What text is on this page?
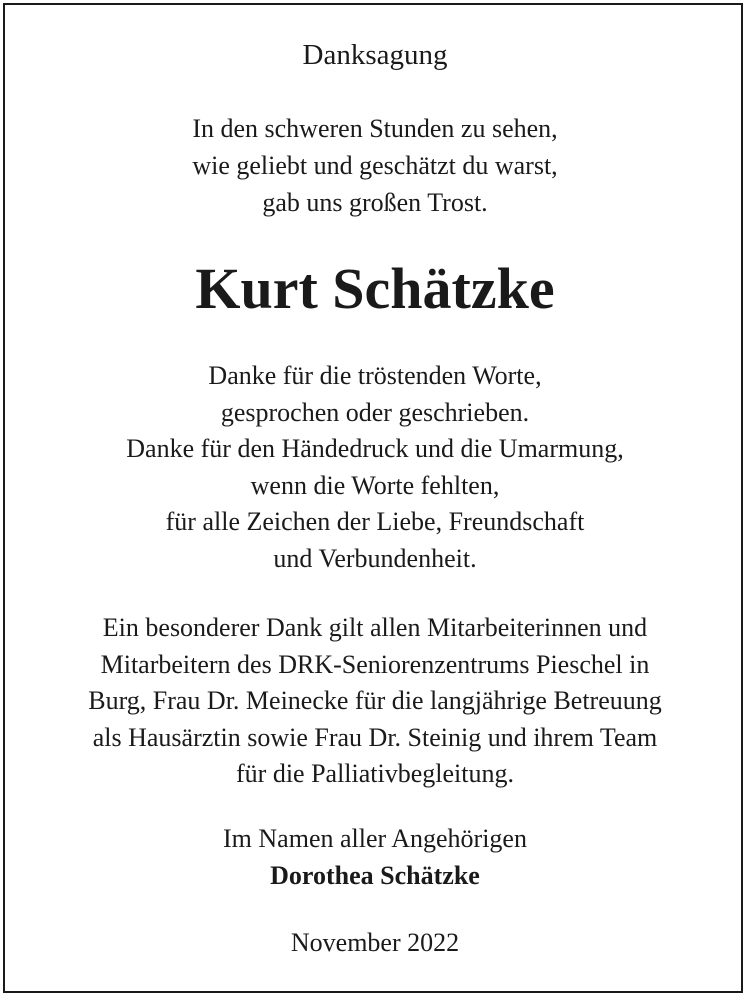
Danksagung
In den schweren Stunden zu sehen,
wie geliebt und geschätzt du warst,
gab uns großen Trost.
Kurt Schätzke
Danke für die tröstenden Worte,
gesprochen oder geschrieben.
Danke für den Händedruck und die Umarmung,
wenn die Worte fehlten,
für alle Zeichen der Liebe, Freundschaft
und Verbundenheit.
Ein besonderer Dank gilt allen Mitarbeiterinnen und
Mitarbeitern des DRK-Seniorenzentrums Pieschel in
Burg, Frau Dr. Meinecke für die langjährige Betreuung
als Hausärztin sowie Frau Dr. Steinig und ihrem Team
für die Palliativbegleitung.
Im Namen aller Angehörigen
Dorothea Schätzke
November 2022
